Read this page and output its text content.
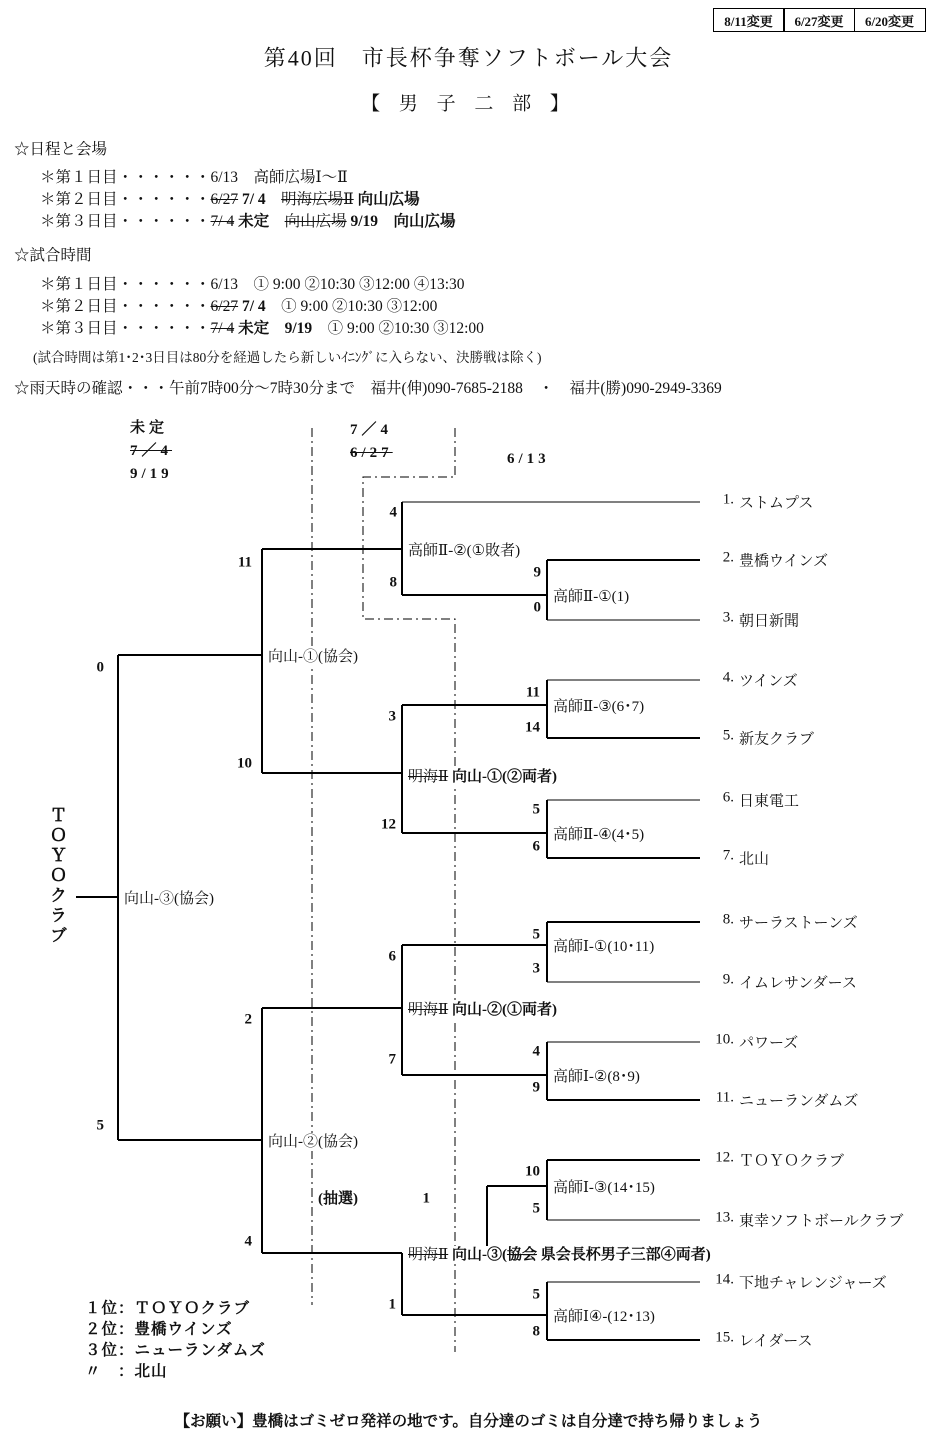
8/11変更	6/27変更	6/20変更
第40回　市長杯争奪ソフトボール大会
【 男 子 二 部 】
☆日程と会場
＊第１日目・・・・・・6/13　高師広場Ⅰ～Ⅱ
＊第２日目・・・・・・6/27 7/ 4　 明海広場Ⅱ 向山広場
＊第３日目・・・・・・7/ 4 未定　 向山広場 9/19　向山広場
☆試合時間
＊第１日目・・・・・・6/13　① 9:00 ②10:30 ③12:00 ④13:30
＊第２日目・・・・・・6/27 7/ 4　① 9:00 ②10:30 ③12:00
＊第３日目・・・・・・7/ 4 未定　9/19　① 9:00 ②10:30 ③12:00
(試合時間は第1･2･3日目は80分を経過したら新しいｲﾆﾝｸﾞに入らない、決勝戦は除く)
☆雨天時の確認・・・午前7時00分～7時30分まで　福井(伸)090-7685-2188　・　福井(勝)090-2949-3369
未定
7／4
9/19
7／4
6/27	6/13
ＴＯＹＯクラブ
1. ストムプス
2. 豊橋ウインズ
3. 朝日新聞
4. ツインズ
5. 新友クラブ
6. 日東電工
7. 北山
8. サーラストーンズ
9. イムレサンダース
10. パワーズ
11. ニューランダムズ
12. ＴＯＹＯクラブ
13. 東幸ソフトボールクラブ
14. 下地チャレンジャーズ
15. レイダース
高師Ⅱ-②(①敗者)
高師Ⅱ-①(1)
高師Ⅱ-③(6･7)
明海Ⅱ 向山-①(②両者)
高師Ⅱ-④(4･5)
高師Ⅰ-①(10･11)
明海Ⅱ 向山-②(①両者)
高師Ⅰ-②(8･9)
高師Ⅰ-③(14･15)
明海Ⅱ 向山-③(協会 県会長杯男子三部④両者)
高師Ⅰ④-(12･13)
向山-①(協会)
向山-②(協会)
向山-③(協会)
(抽選)
4
8
9
0
3
12
11
14
5
6
6
7
5
3
4
9
1
1
10
5
5
8
11
10
2
4
0
5
１位：ＴＯＹＯクラブ
２位：豊橋ウインズ
３位：ニューランダムズ
〃　：北山
【お願い】豊橋はゴミゼロ発祥の地です。自分達のゴミは自分達で持ち帰りましょう
